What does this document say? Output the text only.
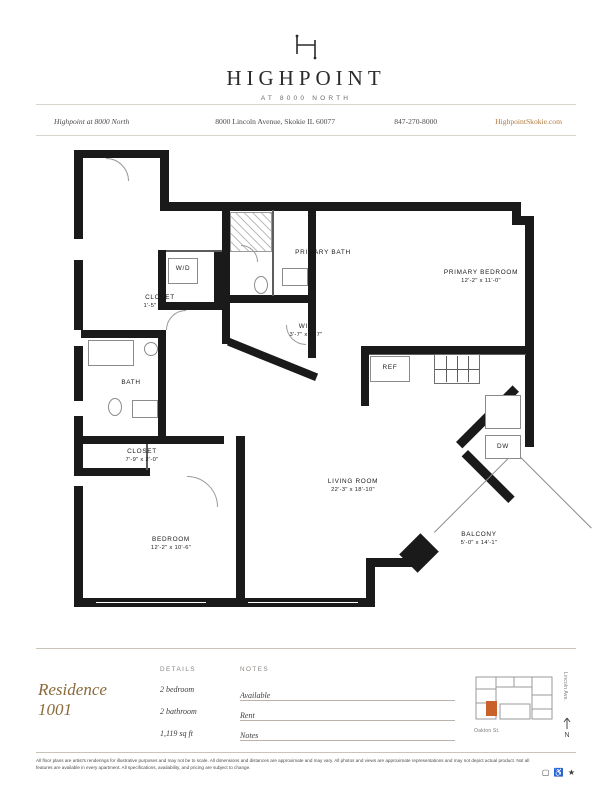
HIGHPOINT
AT 8000 NORTH
Highpoint at 8000 North	8000 Lincoln Avenue, Skokie IL 60077	847-270-8000	HighpointSkokie.com
PRIMARY BEDROOM
12'-2" x 11'-0"
PRIMARY BATH
WIC
3'-7" x 6'-7"
CLOSET
1'-5" x 3'-5"
W/D
BATH
CLOSET
7'-9" x 2'-0"
BEDROOM
12'-2" x 10'-6"
LIVING ROOM
22'-3" x 18'-10"
BALCONY
5'-0" x 14'-1"
REF
DW
Residence
1001
DETAILS
2 bedroom
2 bathroom
1,119 sq ft
NOTES
Available
Rent
Notes	Oakton St.
Lincoln Ave.
N
All floor plans are artist's renderings for illustrative purposes and may not be to scale. All dimensions and distances are approximate and may vary. All photos and views are approximate representations and may not depict actual product. Not all features are available in every apartment. All specifications, availability, and pricing are subject to change.
▢ ♿ ★
